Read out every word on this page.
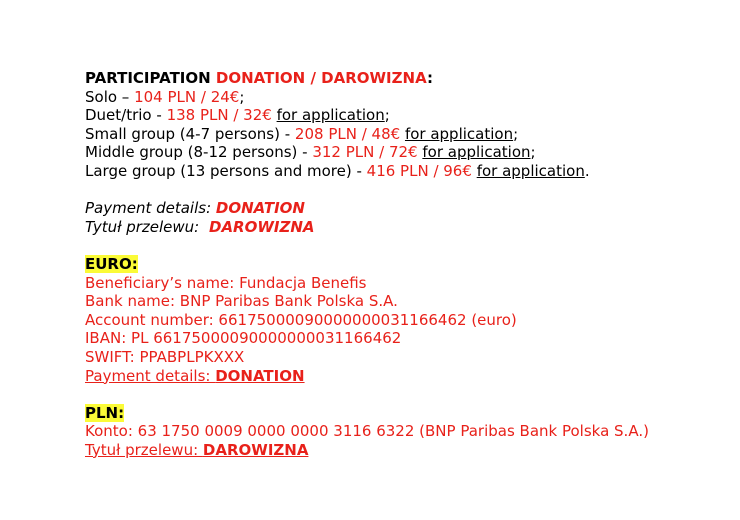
PARTICIPATION DONATION / DAROWIZNA:
Solo – 104 PLN / 24€;
Duet/trio - 138 PLN / 32€ for application;
Small group (4-7 persons) - 208 PLN / 48€ for application;
Middle group (8-12 persons) - 312 PLN / 72€ for application;
Large group (13 persons and more) - 416 PLN / 96€ for application.
Payment details: DONATION
Tytuł przelewu: DAROWIZNA
EURO:
Beneficiary’s name: Fundacja Benefis
Bank name: BNP Paribas Bank Polska S.A.
Account number: 66175000090000000031166462 (euro)
IBAN: PL 66175000090000000031166462
SWIFT: PPABPLPKXXX
Payment details: DONATION
PLN:
Konto: 63 1750 0009 0000 0000 3116 6322 (BNP Paribas Bank Polska S.A.)
Tytuł przelewu: DAROWIZNA
